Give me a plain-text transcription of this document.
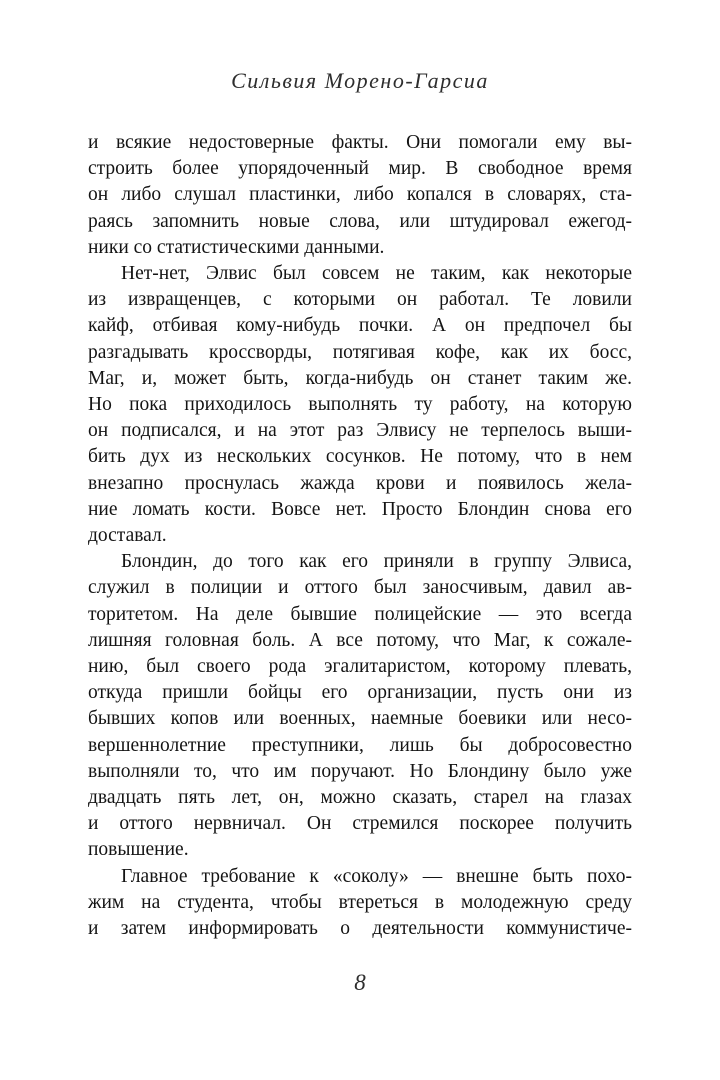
Сильвия Морено-Гарсиа
и всякие недостоверные факты. Они помогали ему вы-
строить более упорядоченный мир. В свободное время
он либо слушал пластинки, либо копался в словарях, ста-
раясь запомнить новые слова, или штудировал ежегод-
ники со статистическими данными.
Нет-нет, Элвис был совсем не таким, как некоторые
из извращенцев, с которыми он работал. Те ловили
кайф, отбивая кому-нибудь почки. А он предпочел бы
разгадывать кроссворды, потягивая кофе, как их босс,
Маг, и, может быть, когда-нибудь он станет таким же.
Но пока приходилось выполнять ту работу, на которую
он подписался, и на этот раз Элвису не терпелось выши-
бить дух из нескольких сосунков. Не потому, что в нем
внезапно проснулась жажда крови и появилось жела-
ние ломать кости. Вовсе нет. Просто Блондин снова его
доставал.
Блондин, до того как его приняли в группу Элвиса,
служил в полиции и оттого был заносчивым, давил ав-
торитетом. На деле бывшие полицейские — это всегда
лишняя головная боль. А все потому, что Маг, к сожале-
нию, был своего рода эгалитаристом, которому плевать,
откуда пришли бойцы его организации, пусть они из
бывших копов или военных, наемные боевики или несо-
вершеннолетние преступники, лишь бы добросовестно
выполняли то, что им поручают. Но Блондину было уже
двадцать пять лет, он, можно сказать, старел на глазах
и оттого нервничал. Он стремился поскорее получить
повышение.
Главное требование к «соколу» — внешне быть похо-
жим на студента, чтобы втереться в молодежную среду
и затем информировать о деятельности коммунистиче-
8
